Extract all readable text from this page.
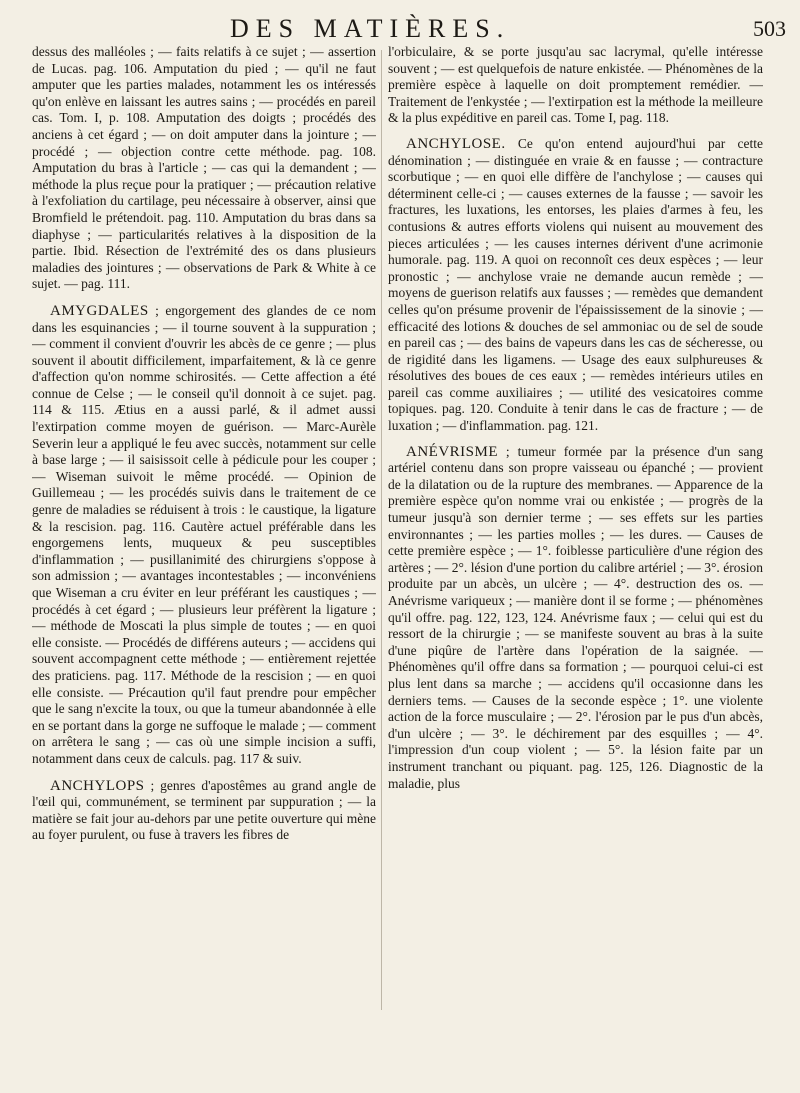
DES MATIÈRES.	503

dessus des malléoles ; — faits relatifs à ce sujet ; — assertion de Lucas. pag. 106. Amputation du pied ; — qu'il ne faut amputer que les parties malades, notamment les os intéressés qu'on enlève en laissant les autres sains ; — procédés en pareil cas. Tom. I, p. 108. Amputation des doigts ; procédés des anciens à cet égard ; — on doit amputer dans la jointure ; — procédé ; — objection contre cette méthode. pag. 108. Amputation du bras à l'article ; — cas qui la demandent ; — méthode la plus reçue pour la pratiquer ; — précaution relative à l'exfoliation du cartilage, peu nécessaire à observer, ainsi que Bromfield le prétendoit. pag. 110. Amputation du bras dans sa diaphyse ; — particularités relatives à la disposition de la partie. Ibid. Résection de l'extrémité des os dans plusieurs maladies des jointures ; — observations de Park & White à ce sujet. — pag. 111.

AMYGDALES ; engorgement des glandes de ce nom dans les esquinancies ; — il tourne souvent à la suppuration ; — comment il convient d'ouvrir les abcès de ce genre ; — plus souvent il aboutit difficilement, imparfaitement, & là ce genre d'affection qu'on nomme schirosités. — Cette affection a été connue de Celse ; — le conseil qu'il donnoit à ce sujet. pag. 114 & 115. Ætius en a aussi parlé, & il admet aussi l'extirpation comme moyen de guérison. — Marc-Aurèle Severin leur a appliqué le feu avec succès, notamment sur celle à base large ; — il saisissoit celle à pédicule pour les couper ; — Wiseman suivoit le même procédé. — Opinion de Guillemeau ; — les procédés suivis dans le traitement de ce genre de maladies se réduisent à trois : le caustique, la ligature & la rescision. pag. 116. Cautère actuel préférable dans les engorgemens lents, muqueux & peu susceptibles d'inflammation ; — pusillanimité des chirurgiens s'oppose à son admission ; — avantages incontestables ; — inconvéniens que Wiseman a cru éviter en leur préférant les caustiques ; — procédés à cet égard ; — plusieurs leur préfèrent la ligature ; — méthode de Moscati la plus simple de toutes ; — en quoi elle consiste. — Procédés de différens auteurs ; — accidens qui souvent accompagnent cette méthode ; — entièrement rejettée des praticiens. pag. 117. Méthode de la rescision ; — en quoi elle consiste. — Précaution qu'il faut prendre pour empêcher que le sang n'excite la toux, ou que la tumeur abandonnée à elle en se portant dans la gorge ne suffoque le malade ; — comment on arrêtera le sang ; — cas où une simple incision a suffi, notamment dans ceux de calculs. pag. 117 & suiv.

ANCHYLOPS ; genres d'apostêmes au grand angle de l'œil qui, communément, se terminent par suppuration ; — la matière se fait jour au-dehors par une petite ouverture qui mène au foyer purulent, ou fuse à travers les fibres de

l'orbiculaire, & se porte jusqu'au sac lacrymal, qu'elle intéresse souvent ; — est quelquefois de nature enkistée. — Phénomènes de la première espèce à laquelle on doit promptement remédier. — Traitement de l'enkystée ; — l'extirpation est la méthode la meilleure & la plus expéditive en pareil cas. Tome I, pag. 118.

ANCHYLOSE. Ce qu'on entend aujourd'hui par cette dénomination ; — distinguée en vraie & en fausse ; — contracture scorbutique ; — en quoi elle diffère de l'anchylose ; — causes qui déterminent celle-ci ; — causes externes de la fausse ; — savoir les fractures, les luxations, les entorses, les plaies d'armes à feu, les contusions & autres efforts violens qui nuisent au mouvement des pieces articulées ; — les causes internes dérivent d'une acrimonie humorale. pag. 119. A quoi on reconnoît ces deux espèces ; — leur pronostic ; — anchylose vraie ne demande aucun remède ; — moyens de guerison relatifs aux fausses ; — remèdes que demandent celles qu'on présume provenir de l'épaississement de la sinovie ; — efficacité des lotions & douches de sel ammoniac ou de sel de soude en pareil cas ; — des bains de vapeurs dans les cas de sécheresse, ou de rigidité dans les ligamens. — Usage des eaux sulphureuses & résolutives des boues de ces eaux ; — remèdes intérieurs utiles en pareil cas comme auxiliaires ; — utilité des vesicatoires comme topiques. pag. 120. Conduite à tenir dans le cas de fracture ; — de luxation ; — d'inflammation. pag. 121.

ANÉVRISME ; tumeur formée par la présence d'un sang artériel contenu dans son propre vaisseau ou épanché ; — provient de la dilatation ou de la rupture des membranes. — Apparence de la première espèce qu'on nomme vrai ou enkistée ; — progrès de la tumeur jusqu'à son dernier terme ; — ses effets sur les parties environnantes ; — les parties molles ; — les dures. — Causes de cette première espèce ; — 1°. foiblesse particulière d'une région des artères ; — 2°. lésion d'une portion du calibre artériel ; — 3°. érosion produite par un abcès, un ulcère ; — 4°. destruction des os. — Anévrisme variqueux ; — manière dont il se forme ; — phénomènes qu'il offre. pag. 122, 123, 124. Anévrisme faux ; — celui qui est du ressort de la chirurgie ; — se manifeste souvent au bras à la suite d'une piqûre de l'artère dans l'opération de la saignée. — Phénomènes qu'il offre dans sa formation ; — pourquoi celui-ci est plus lent dans sa marche ; — accidens qu'il occasionne dans les derniers tems. — Causes de la seconde espèce ; 1°. une violente action de la force musculaire ; — 2°. l'érosion par le pus d'un abcès, d'un ulcère ; — 3°. le déchirement par des esquilles ; — 4°. l'impression d'un coup violent ; — 5°. la lésion faite par un instrument tranchant ou piquant. pag. 125, 126. Diagnostic de la maladie, plus
